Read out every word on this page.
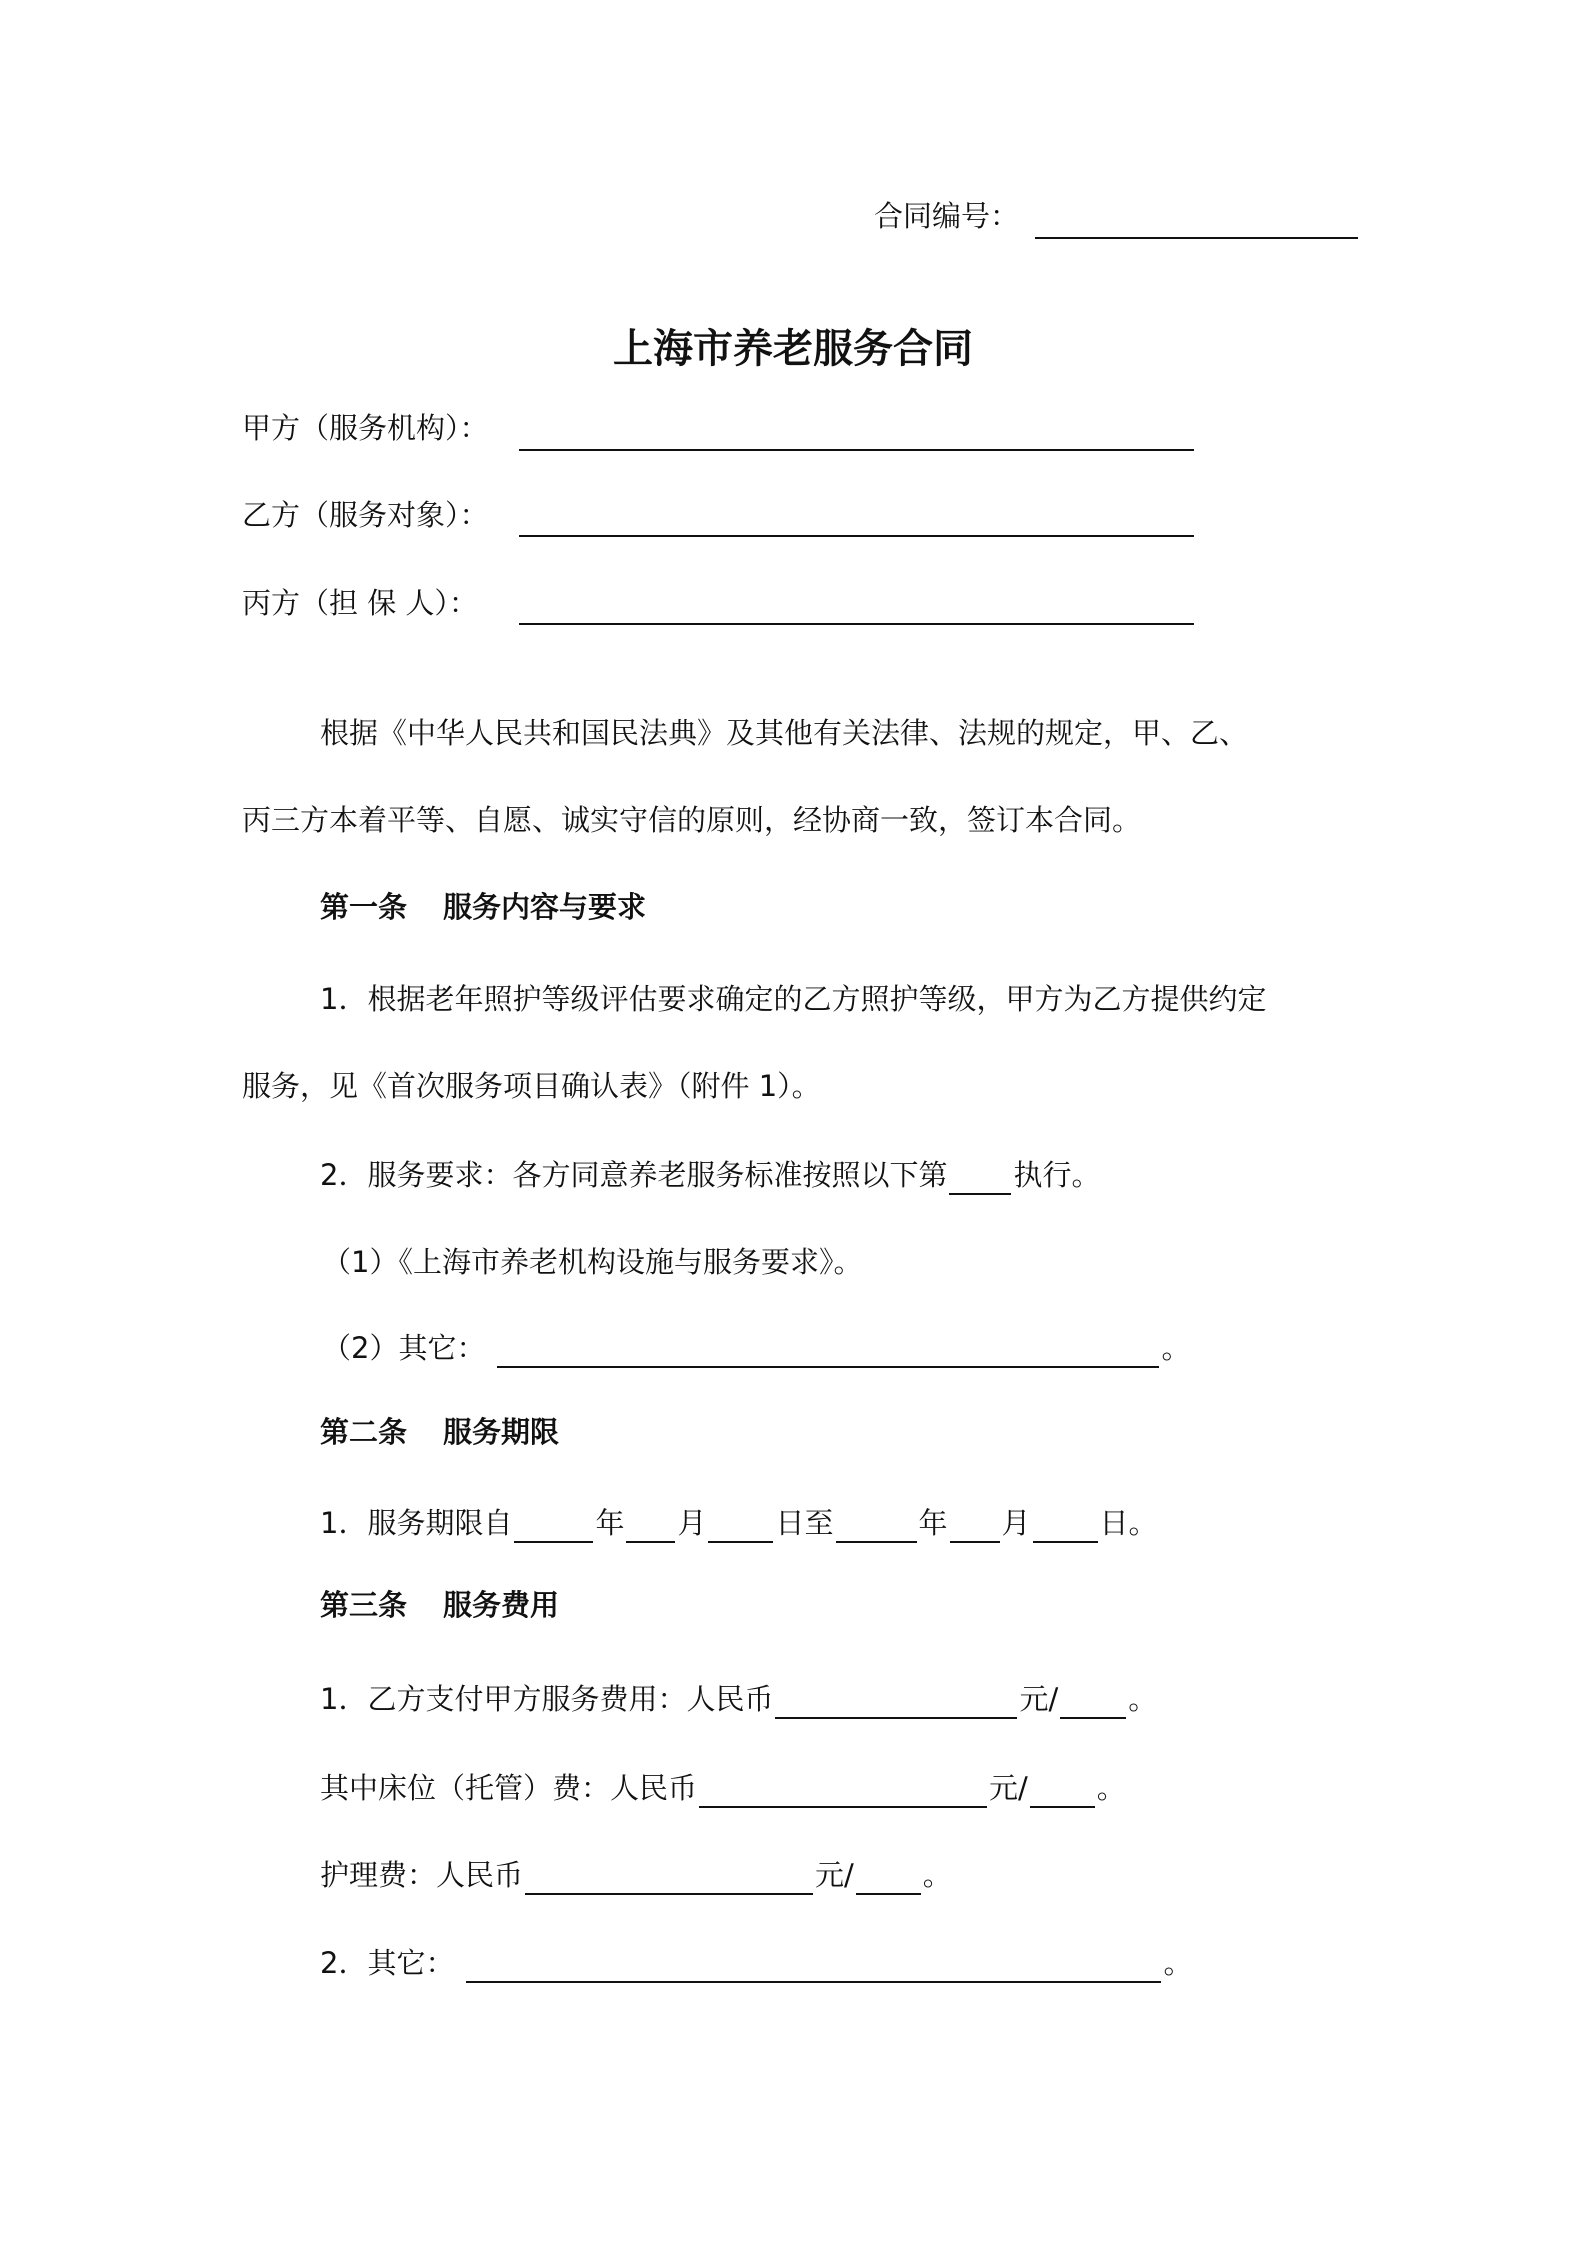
合同编号：
上海市养老服务合同
甲方（服务机构）：
乙方（服务对象）：
丙方（担 保 人）：
根据《中华人民共和国民法典》及其他有关法律、法规的规定，甲、乙、
丙三方本着平等、自愿、诚实守信的原则，经协商一致，签订本合同。
第一条 服务内容与要求
1．根据老年照护等级评估要求确定的乙方照护等级，甲方为乙方提供约定
服务，见《首次服务项目确认表》（附件 1）。
2．服务要求：各方同意养老服务标准按照以下第 执行。
（1）《上海市养老机构设施与服务要求》。
（2）其它：	。
第二条 服务期限
1．服务期限自	年 月 日至	年 月 日。
第三条 服务费用
1．乙方支付甲方服务费用：人民币	元/ 。
其中床位（托管）费：人民币	元/ 。
护理费：人民币	元/ 。
2．其它：	。
